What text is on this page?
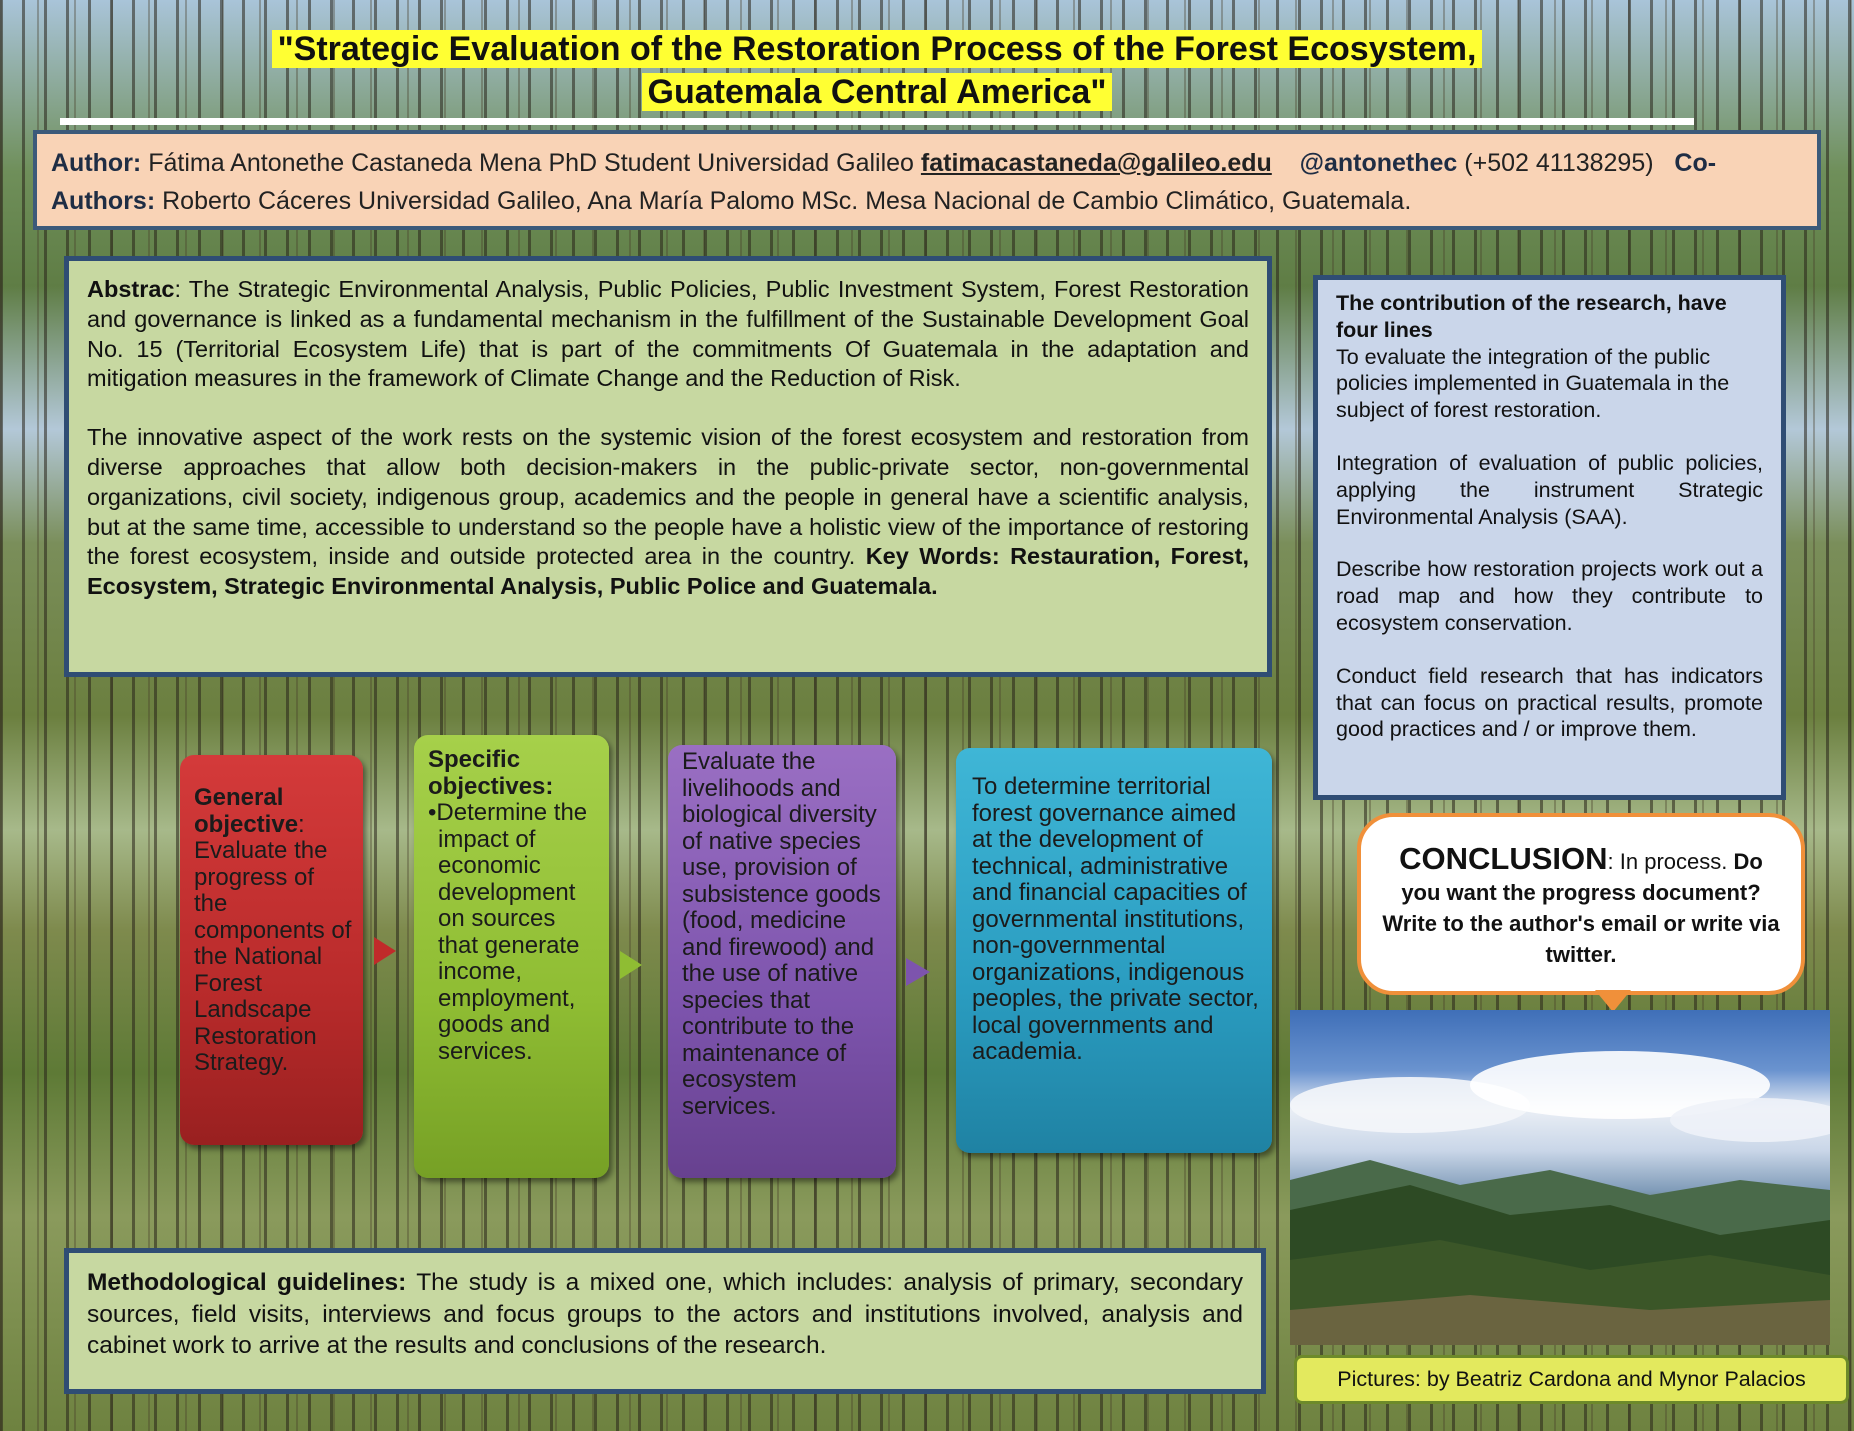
"Strategic Evaluation of the Restoration Process of the Forest Ecosystem,
Guatemala Central America"
Author: Fátima Antonethe Castaneda Mena PhD Student Universidad Galileo fatimacastaneda@galileo.edu @antonethec (+502 41138295) Co-Authors: Roberto Cáceres Universidad Galileo, Ana María Palomo MSc. Mesa Nacional de Cambio Climático, Guatemala.

Abstrac: The Strategic Environmental Analysis, Public Policies, Public Investment System, Forest Restoration and governance is linked as a fundamental mechanism in the fulfillment of the Sustainable Development Goal No. 15 (Territorial Ecosystem Life) that is part of the commitments Of Guatemala in the adaptation and mitigation measures in the framework of Climate Change and the Reduction of Risk.

The innovative aspect of the work rests on the systemic vision of the forest ecosystem and restoration from diverse approaches that allow both decision-makers in the public-private sector, non-governmental organizations, civil society, indigenous group, academics and the people in general have a scientific analysis, but at the same time, accessible to understand so the people have a holistic view of the importance of restoring the forest ecosystem, inside and outside protected area in the country. Key Words: Restauration, Forest, Ecosystem, Strategic Environmental Analysis, Public Police and Guatemala.

The contribution of the research, have four lines
To evaluate the integration of the public policies implemented in Guatemala in the subject of forest restoration.

Integration of evaluation of public policies, applying the instrument Strategic Environmental Analysis (SAA).

Describe how restoration projects work out a road map and how they contribute to ecosystem conservation.

Conduct field research that has indicators that can focus on practical results, promote good practices and / or improve them.

General objective: Evaluate the progress of the components of the National Forest Landscape Restoration Strategy.
Specific objectives:
•Determine the impact of economic development on sources that generate income, employment, goods and services.
Evaluate the livelihoods and biological diversity of native species use, provision of subsistence goods (food, medicine and firewood) and the use of native species that contribute to the maintenance of ecosystem services.
To determine territorial forest governance aimed at the development of technical, administrative and financial capacities of governmental institutions, non-governmental organizations, indigenous peoples, the private sector, local governments and academia.
CONCLUSION: In process. Do you want the progress document? Write to the author's email or write via twitter.
Pictures: by Beatriz Cardona and Mynor Palacios
Methodological guidelines: The study is a mixed one, which includes: analysis of primary, secondary sources, field visits, interviews and focus groups to the actors and institutions involved, analysis and cabinet work to arrive at the results and conclusions of the research.
